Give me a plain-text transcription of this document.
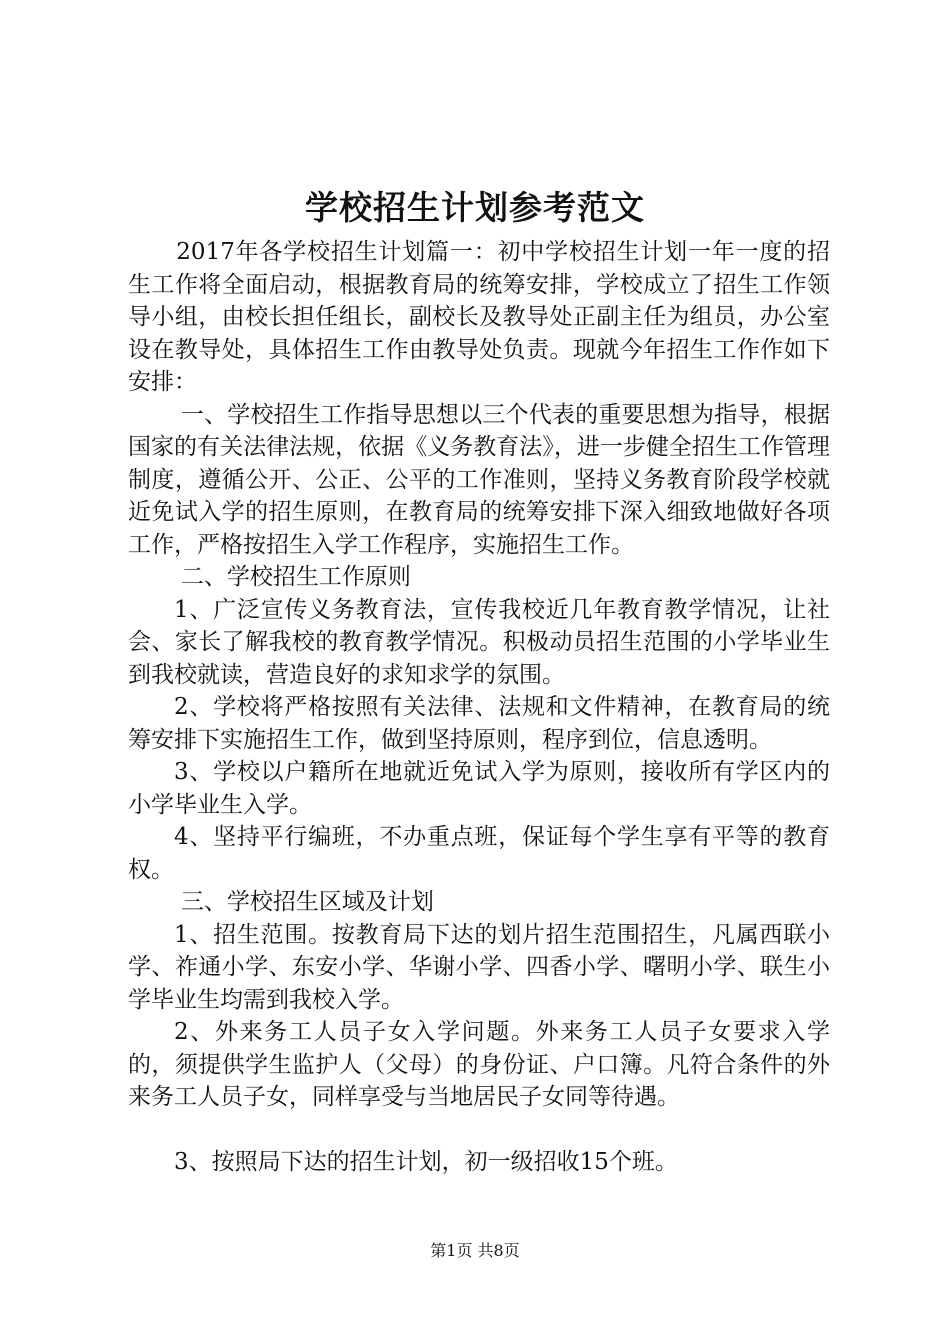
学校招生计划参考范文

2017年各学校招生计划篇一：初中学校招生计划一年一度的招生工作将全面启动，根据教育局的统筹安排，学校成立了招生工作领导小组，由校长担任组长，副校长及教导处正副主任为组员，办公室设在教导处，具体招生工作由教导处负责。现就今年招生工作作如下安排：

一、学校招生工作指导思想以三个代表的重要思想为指导，根据国家的有关法律法规，依据《义务教育法》，进一步健全招生工作管理制度，遵循公开、公正、公平的工作准则，坚持义务教育阶段学校就近免试入学的招生原则，在教育局的统筹安排下深入细致地做好各项工作，严格按招生入学工作程序，实施招生工作。

二、学校招生工作原则

1、广泛宣传义务教育法，宣传我校近几年教育教学情况，让社会、家长了解我校的教育教学情况。积极动员招生范围的小学毕业生到我校就读，营造良好的求知求学的氛围。

2、学校将严格按照有关法律、法规和文件精神，在教育局的统筹安排下实施招生工作，做到坚持原则，程序到位，信息透明。

3、学校以户籍所在地就近免试入学为原则，接收所有学区内的小学毕业生入学。

4、坚持平行编班，不办重点班，保证每个学生享有平等的教育权。

三、学校招生区域及计划

1、招生范围。按教育局下达的划片招生范围招生，凡属西联小学、祚通小学、东安小学、华谢小学、四香小学、曙明小学、联生小学毕业生均需到我校入学。

2、外来务工人员子女入学问题。外来务工人员子女要求入学的，须提供学生监护人（父母）的身份证、户口簿。凡符合条件的外来务工人员子女，同样享受与当地居民子女同等待遇。

3、按照局下达的招生计划，初一级招收15个班。

第1页 共8页
